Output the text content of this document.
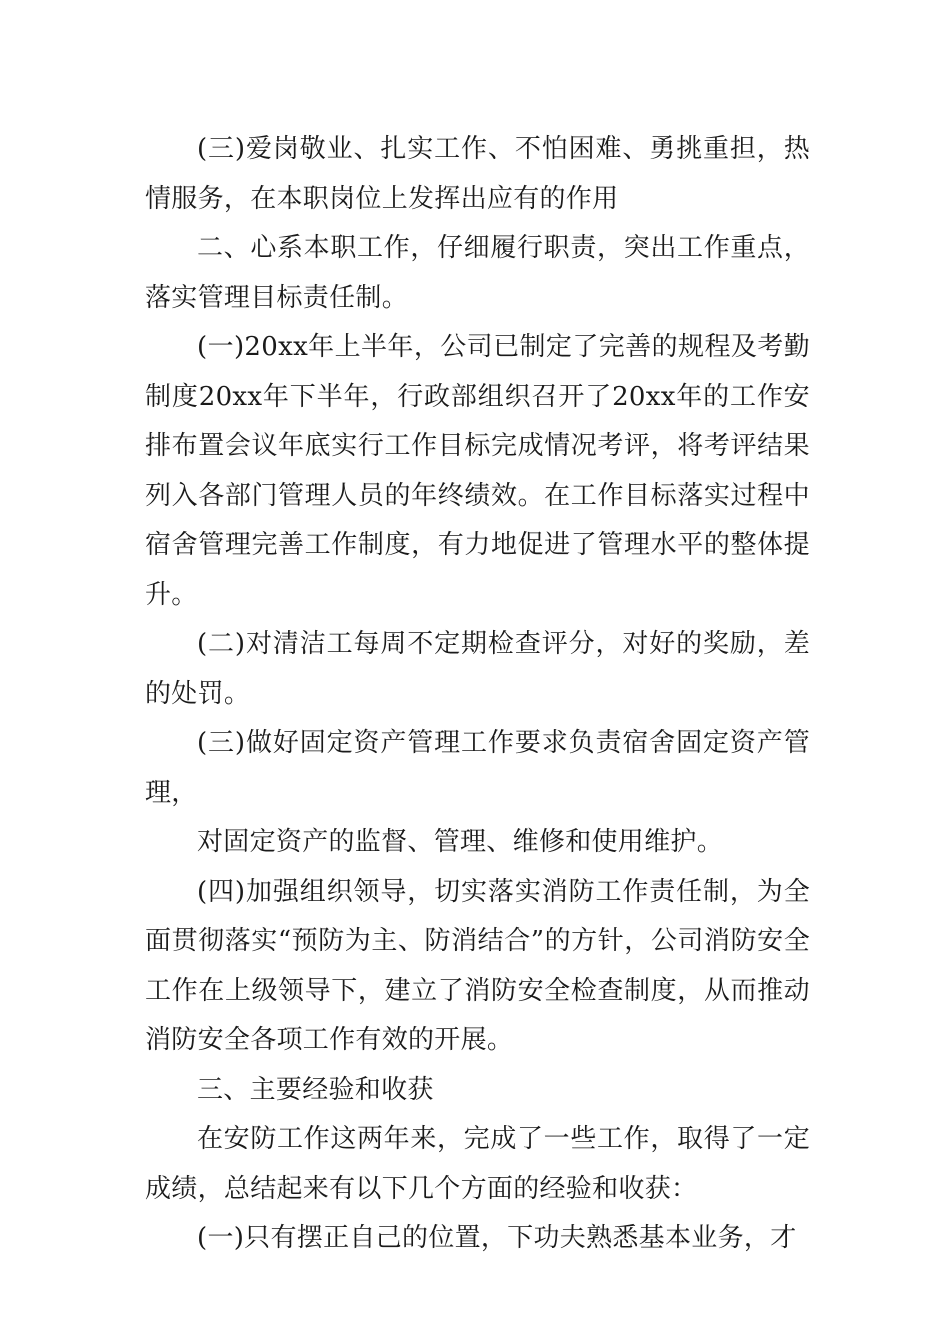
(三)爱岗敬业、扎实工作、不怕困难、勇挑重担，热情服务，在本职岗位上发挥出应有的作用

二、心系本职工作，仔细履行职责，突出工作重点，落实管理目标责任制。

(一)20xx年上半年，公司已制定了完善的规程及考勤制度20xx年下半年，行政部组织召开了20xx年的工作安排布置会议年底实行工作目标完成情况考评，将考评结果列入各部门管理人员的年终绩效。在工作目标落实过程中宿舍管理完善工作制度，有力地促进了管理水平的整体提升。

(二)对清洁工每周不定期检查评分，对好的奖励，差的处罚。

(三)做好固定资产管理工作要求负责宿舍固定资产管理，

对固定资产的监督、管理、维修和使用维护。

(四)加强组织领导，切实落实消防工作责任制，为全面贯彻落实“预防为主、防消结合”的方针，公司消防安全工作在上级领导下，建立了消防安全检查制度，从而推动消防安全各项工作有效的开展。

三、主要经验和收获

在安防工作这两年来，完成了一些工作，取得了一定成绩，总结起来有以下几个方面的经验和收获：

(一)只有摆正自己的位置，下功夫熟悉基本业务，才
